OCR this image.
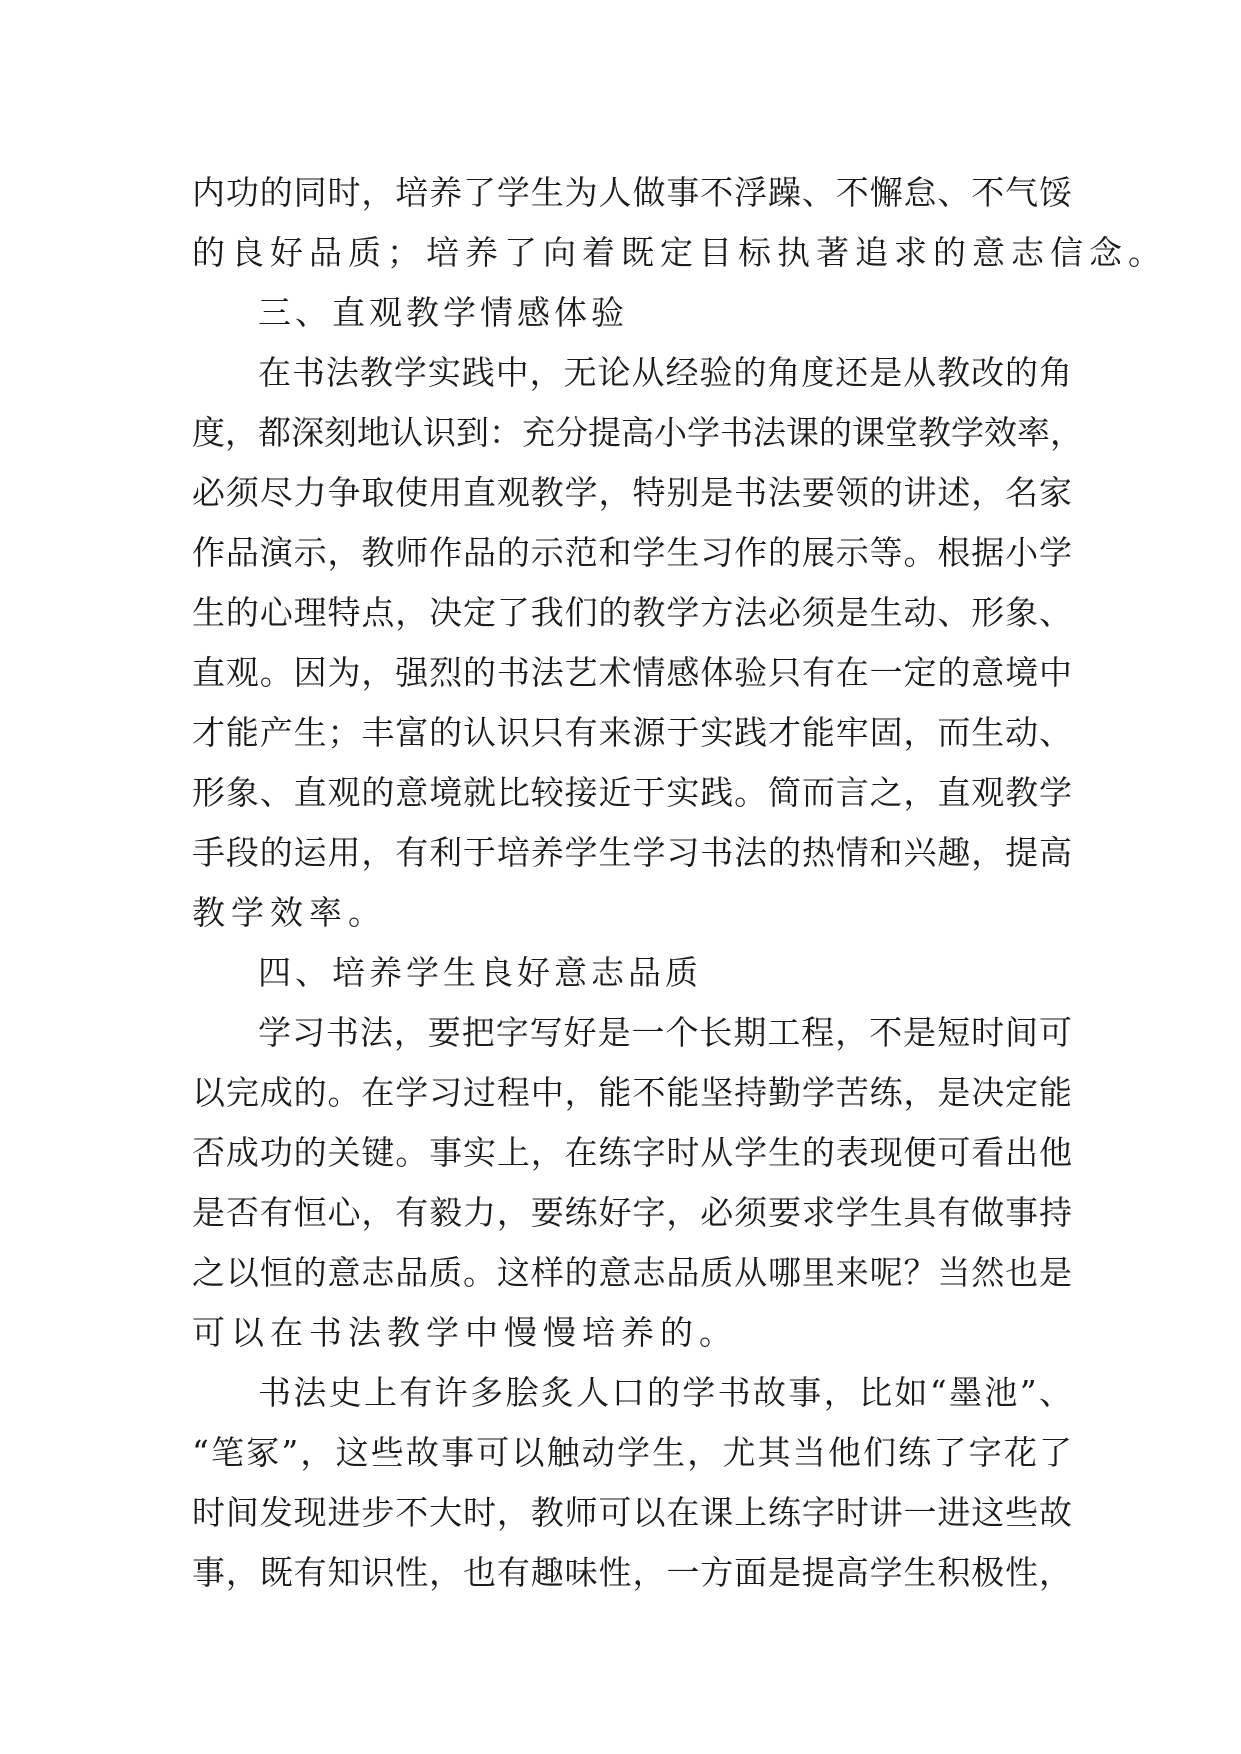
内功的同时，培养了学生为人做事不浮躁、不懈怠、不气馁
的良好品质；培养了向着既定目标执著追求的意志信念。
三、直观教学情感体验
在书法教学实践中，无论从经验的角度还是从教改的角
度，都深刻地认识到：充分提高小学书法课的课堂教学效率，
必须尽力争取使用直观教学，特别是书法要领的讲述，名家
作品演示，教师作品的示范和学生习作的展示等。根据小学
生的心理特点，决定了我们的教学方法必须是生动、形象、
直观。因为，强烈的书法艺术情感体验只有在一定的意境中
才能产生；丰富的认识只有来源于实践才能牢固，而生动、
形象、直观的意境就比较接近于实践。简而言之，直观教学
手段的运用，有利于培养学生学习书法的热情和兴趣，提高
教学效率。
四、培养学生良好意志品质
学习书法，要把字写好是一个长期工程，不是短时间可
以完成的。在学习过程中，能不能坚持勤学苦练，是决定能
否成功的关键。事实上，在练字时从学生的表现便可看出他
是否有恒心，有毅力，要练好字，必须要求学生具有做事持
之以恒的意志品质。这样的意志品质从哪里来呢？当然也是
可以在书法教学中慢慢培养的。
书法史上有许多脍炙人口的学书故事，比如“墨池”、
“笔冢”，这些故事可以触动学生，尤其当他们练了字花了
时间发现进步不大时，教师可以在课上练字时讲一进这些故
事，既有知识性，也有趣味性，一方面是提高学生积极性，
